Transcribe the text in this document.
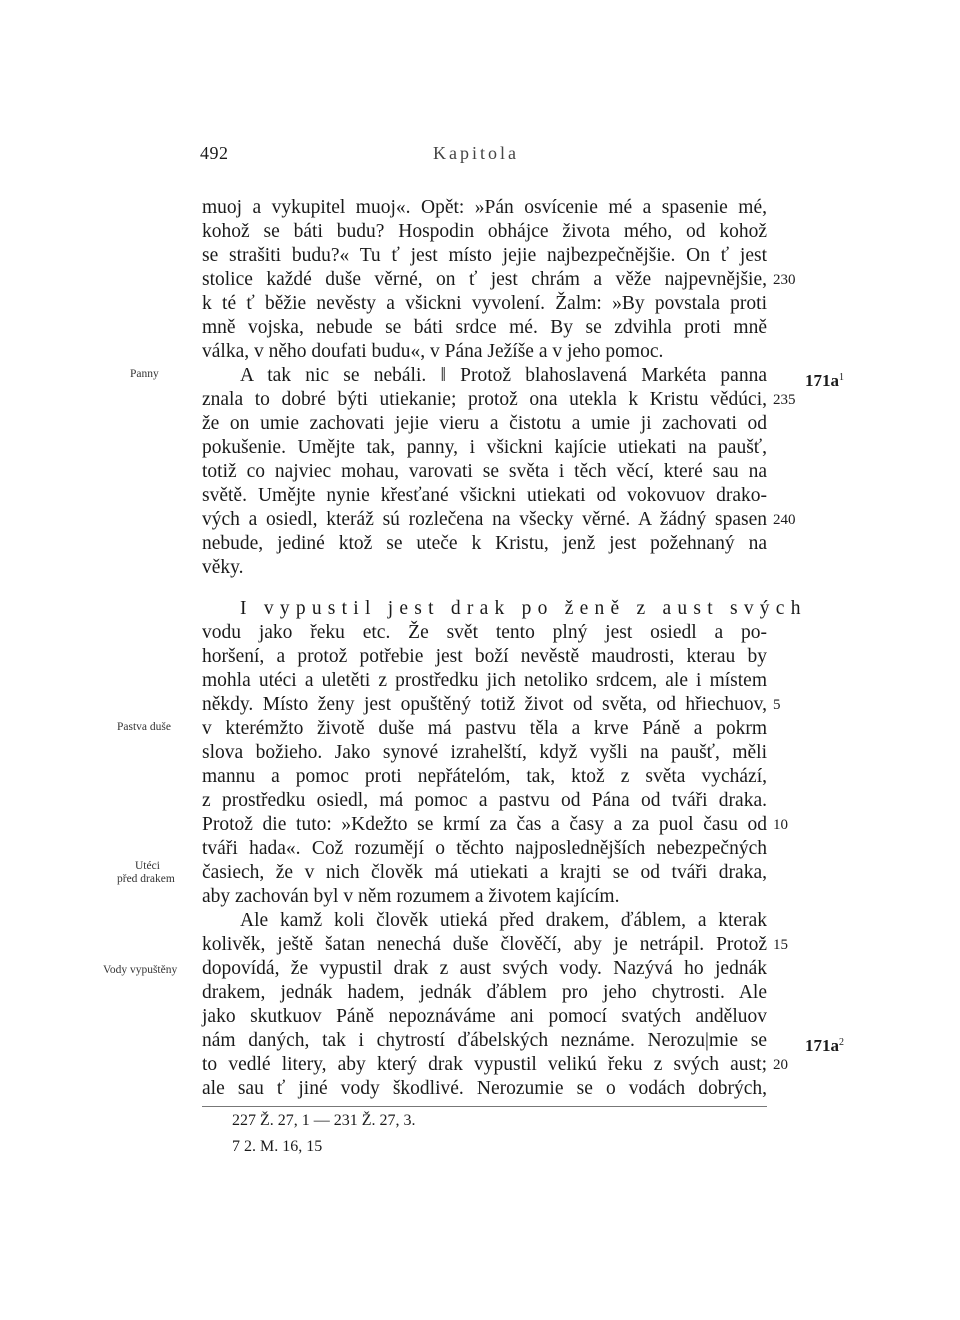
492	Kapitola
muoj a vykupitel muoj«. Opět: »Pán osvícenie mé a spasenie mé,
kohož se báti budu? Hospodin obhájce života mého, od kohož
se strašiti budu?« Tu ť jest místo jejie najbezpečnějšie. On ť jest
stolice každé duše věrné, on ť jest chrám a věže najpevnějšie,
k té ť běžie nevěsty a všickni vyvolení. Žalm: »By povstala proti
mně vojska, nebude se báti srdce mé. By se zdvihla proti mně
válka, v něho doufati budu«, v Pána Ježíše a v jeho pomoc.
A tak nic se nebáli. ‖ Protož blahoslavená Markéta panna
znala to dobré býti utiekanie; protož ona utekla k Kristu vědúci,
že on umie zachovati jejie vieru a čistotu a umie ji zachovati od
pokušenie. Umějte tak, panny, i všickni kajície utiekati na paušť,
totiž co najviec mohau, varovati se světa i těch věcí, které sau na
světě. Umějte nynie křesťané všickni utiekati od vokovuov drako-
vých a osiedl, kteráž sú rozlečena na všecky věrné. A žádný spasen
nebude, jediné ktož se uteče k Kristu, jenž jest požehnaný na
věky.
I vypustil jest drak po ženě z aust svých
vodu jako řeku etc. Že svět tento plný jest osiedl a po-
horšení, a protož potřebie jest boží nevěstě maudrosti, kterau by
mohla utéci a uletěti z prostředku jich netoliko srdcem, ale i místem
někdy. Místo ženy jest opuštěný totiž život od světa, od hřiechuov,
v kterémžto životě duše má pastvu těla a krve Páně a pokrm
slova božieho. Jako synové izrahelští, když vyšli na paušť, měli
mannu a pomoc proti nepřátelóm, tak, ktož z světa vychází,
z prostředku osiedl, má pomoc a pastvu od Pána od tváři draka.
Protož die tuto: »Kdežto se krmí za čas a časy a za puol času od
tváři hada«. Což rozumějí o těchto najposlednějších nebezpečných
časiech, že v nich člověk má utiekati a krajti se od tváři draka,
aby zachován byl v něm rozumem a životem kajícím.
Ale kamž koli člověk utieká před drakem, ďáblem, a kterak
kolivěk, ještě šatan nenechá duše člověčí, aby je netrápil. Protož
dopovídá, že vypustil drak z aust svých vody. Nazývá ho jednák
drakem, jednák hadem, jednák ďáblem pro jeho chytrosti. Ale
jako skutkuov Páně nepoznáváme ani pomocí svatých anděluov
nám daných, tak i chytrostí ďábelských neznáme. Nerozu|mie se
to vedlé litery, aby který drak vypustil velikú řeku z svých aust;
ale sau ť jiné vody škodlivé. Nerozumie se o vodách dobrých,
230
235
240
5
10
15
20
$171a^1$
$171a^2$
Panny
Pastva duše
Utéci
před drakem
Vody vypuštěny
227 Ž. 27, 1 — 231 Ž. 27, 3.
7 2. M. 16, 15
